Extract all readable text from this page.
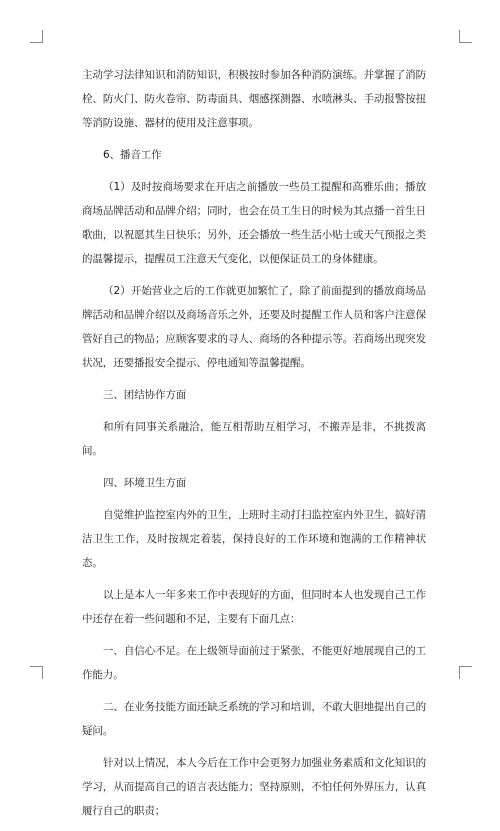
主动学习法律知识和消防知识，积极按时参加各种消防演练。并掌握了消防栓、防火门、防火卷帘、防毒面具、烟感探测器、水喷淋头、手动报警按扭等消防设施、器材的使用及注意事项。

6、播音工作

（1）及时按商场要求在开店之前播放一些员工提醒和高雅乐曲；播放商场品牌活动和品牌介绍；同时，也会在员工生日的时候为其点播一首生日歌曲，以祝愿其生日快乐；另外，还会播放一些生活小贴士或天气预报之类的温馨提示，提醒员工注意天气变化，以便保证员工的身体健康。

（2）开始营业之后的工作就更加繁忙了，除了前面提到的播放商场品牌活动和品牌介绍以及商场音乐之外，还要及时提醒工作人员和客户注意保管好自己的物品；应顾客要求的寻人、商场的各种提示等。若商场出现突发状况，还要播报安全提示、停电通知等温馨提醒。

三、团结协作方面

和所有同事关系融洽，能互相帮助互相学习，不搬弄是非，不挑拨离间。

四、环境卫生方面

自觉维护监控室内外的卫生，上班时主动打扫监控室内外卫生，搞好清洁卫生工作，及时按规定着装，保持良好的工作环境和饱满的工作精神状态。

以上是本人一年多来工作中表现好的方面，但同时本人也发现自己工作中还存在着一些问题和不足，主要有下面几点：

一、自信心不足。在上级领导面前过于紧张，不能更好地展现自己的工作能力。

二、在业务技能方面还缺乏系统的学习和培训，不敢大胆地提出自己的疑问。

针对以上情况，本人今后在工作中会更努力加强业务素质和文化知识的学习，从而提高自己的语言表达能力；坚持原则，不怕任何外界压力，认真履行自己的职责；
